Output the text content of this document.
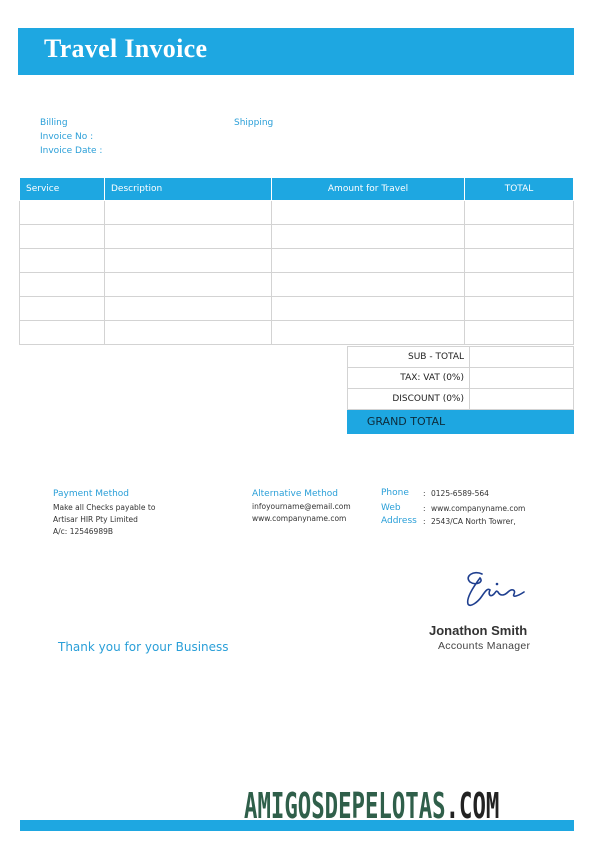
Travel Invoice
Billing
Invoice No :
Invoice Date :
Shipping
Service	Description	Amount for Travel	TOTAL

SUB - TOTAL	
TAX: VAT (0%)	
DISCOUNT (0%)	
GRAND TOTAL	
Payment Method
Make all Checks payable to
Artisar HIR Pty Limited
A/c: 12546989B
Alternative Method
infoyourname@email.com
www.companyname.com
Phone : 0125-6589-564
Web	: www.companyname.com
Address : 2543/CA North Towrer,
Jonathon Smith
Accounts Manager
Thank you for your Business
AMIGOSDEPELOTAS.COM
